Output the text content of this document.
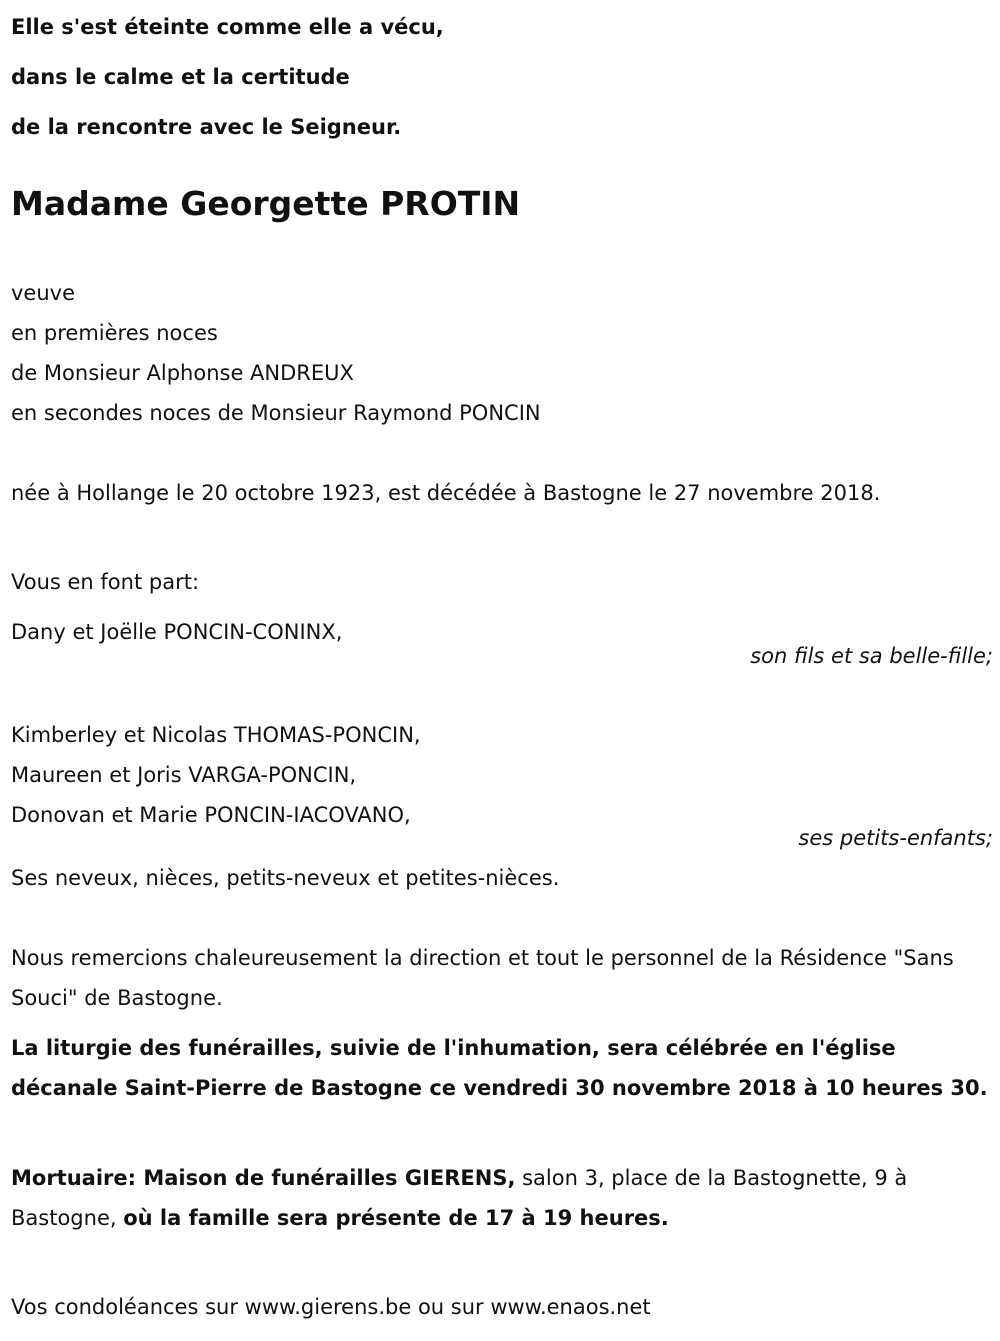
Elle s'est éteinte comme elle a vécu,

dans le calme et la certitude

de la rencontre avec le Seigneur.

Madame Georgette PROTIN
veuve
en premières noces
de Monsieur Alphonse ANDREUX
en secondes noces de Monsieur Raymond PONCIN
née à Hollange le 20 octobre 1923, est décédée à Bastogne le 27 novembre 2018.
Vous en font part:
Dany et Joëlle PONCIN-CONINX,
son fils et sa belle-fille;
Kimberley et Nicolas THOMAS-PONCIN,
Maureen et Joris VARGA-PONCIN,
Donovan et Marie PONCIN-IACOVANO,
ses petits-enfants;
Ses neveux, nièces, petits-neveux et petites-nièces.
Nous remercions chaleureusement la direction et tout le personnel de la Résidence "Sans Souci" de Bastogne.
La liturgie des funérailles, suivie de l'inhumation, sera célébrée en l'église décanale Saint-Pierre de Bastogne ce vendredi 30 novembre 2018 à 10 heures 30.
Mortuaire: Maison de funérailles GIERENS, salon 3, place de la Bastognette, 9 à Bastogne, où la famille sera présente de 17 à 19 heures.
Vos condoléances sur www.gierens.be ou sur www.enaos.net
